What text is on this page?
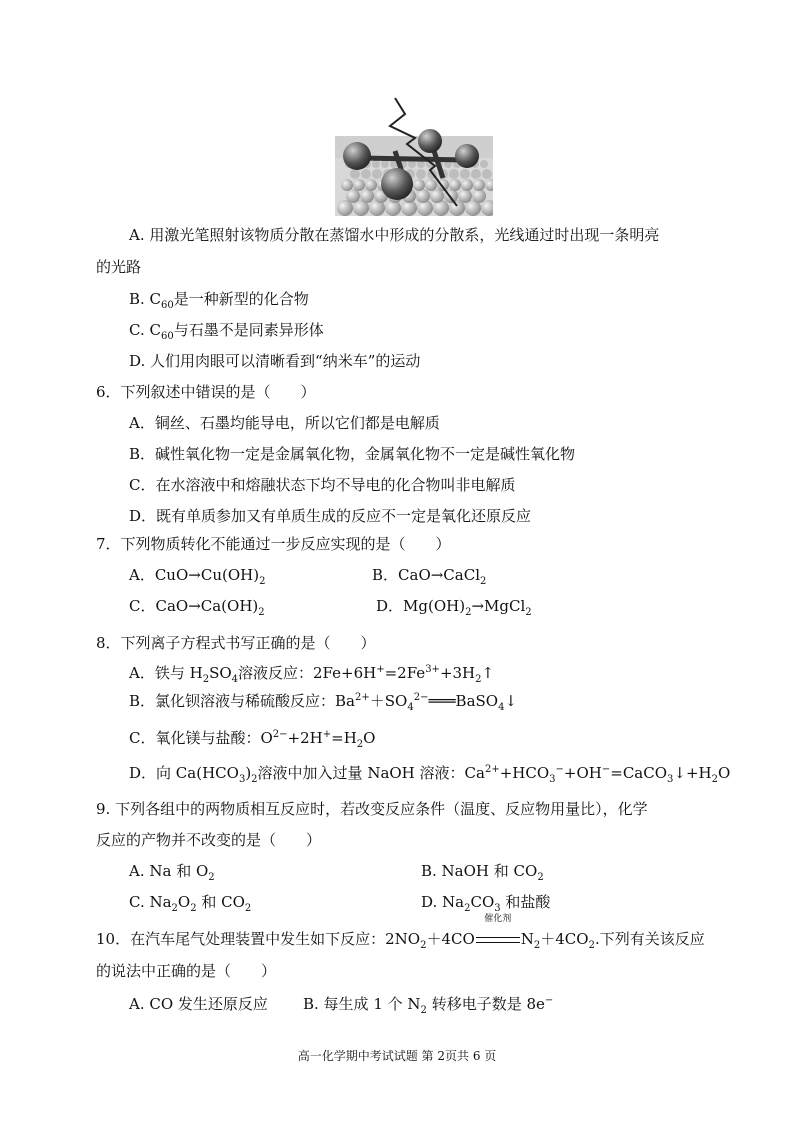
A. 用激光笔照射该物质分散在蒸馏水中形成的分散系，光线通过时出现一条明亮
的光路
B. $C_{60}$是一种新型的化合物
C. $C_{60}$与石墨不是同素异形体
D. 人们用肉眼可以清晰看到“纳米车”的运动
6．下列叙述中错误的是（　　）
A．铜丝、石墨均能导电，所以它们都是电解质
B．碱性氧化物一定是金属氧化物，金属氧化物不一定是碱性氧化物
C．在水溶液中和熔融状态下均不导电的化合物叫非电解质
D．既有单质参加又有单质生成的反应不一定是氧化还原反应
7．下列物质转化不能通过一步反应实现的是（　　）
A．$CuO\to Cu(OH)_2$	B．CaO→CaCl$_2$
C．$CaO\to Ca(OH)_2$	D．$Mg(OH)_2\to MgCl_2$
8．下列离子方程式书写正确的是（　　）
A．铁与 $H_2SO_4$溶液反应：$2Fe+6H^+=2Fe^{3+}+3H_2↑$
B．氯化钡溶液与稀硫酸反应：$Ba^{2+}+SO_4^{2-}═══BaSO_4↓$
C．氧化镁与盐酸：$O^{2-}+2H^+=H_2O$
D．向 $Ca(HCO_3)_2$溶液中加入过量 NaOH 溶液：$Ca^{2+}+HCO_3^-+OH^-=CaCO_3↓+H_2O$
9. 下列各组中的两物质相互反应时，若改变反应条件（温度、反应物用量比），化学
反应的产物并不改变的是（　　）
A. Na 和 $O_2$	B. NaOH 和 $CO_2$
C. $Na_2O_2$ 和 $CO_2$	D. $Na_2CO_3$ 和盐酸
10．在汽车尾气处理装置中发生如下反应：$2NO_2+4CO$
催化剂
$N_2+4CO_2$.下列有关该反应
的说法中正确的是（　　）
A. CO 发生还原反应 B. 每生成 1 个 $N_2$ 转移电子数是 8e−
高一化学期中考试试题 第 2页共 6 页
